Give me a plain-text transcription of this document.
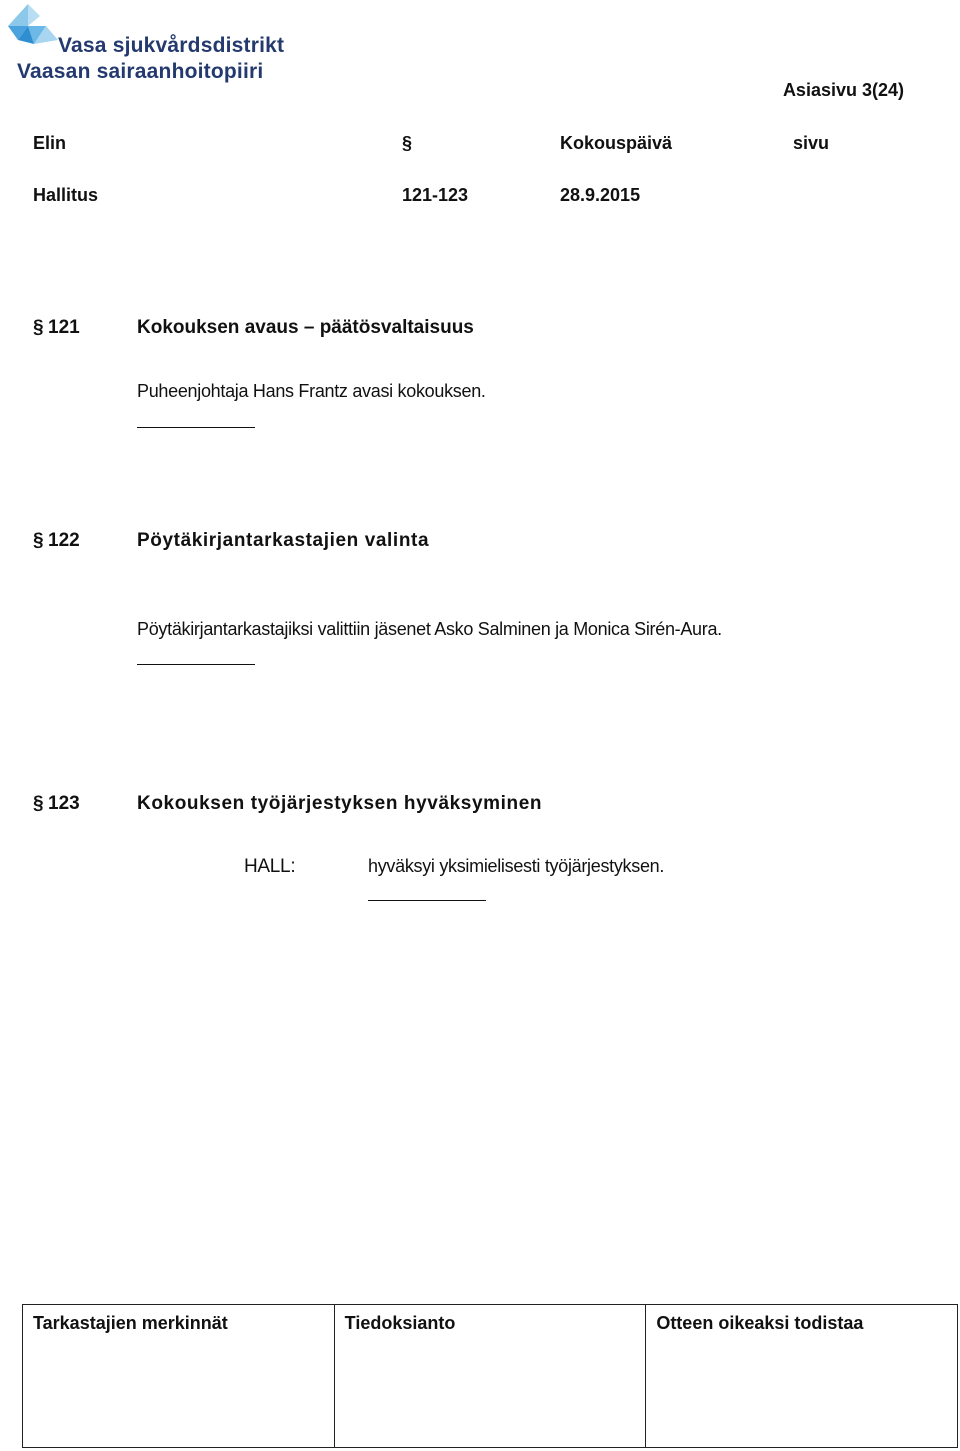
Vasa sjukvårdsdistrikt
Vaasan sairaanhoitopiiri
Asiasivu 3(24)
Elin	§	Kokouspäivä	sivu
Hallitus	121-123	28.9.2015
§ 121	Kokouksen avaus – päätösvaltaisuus
Puheenjohtaja Hans Frantz avasi kokouksen.
§ 122	Pöytäkirjantarkastajien valinta
Pöytäkirjantarkastajiksi valittiin jäsenet Asko Salminen ja Monica Sirén-Aura.
§ 123	Kokouksen työjärjestyksen hyväksyminen
HALL:	hyväksyi yksimielisesti työjärjestyksen.
Tarkastajien merkinnät	Tiedoksianto	Otteen oikeaksi todistaa
